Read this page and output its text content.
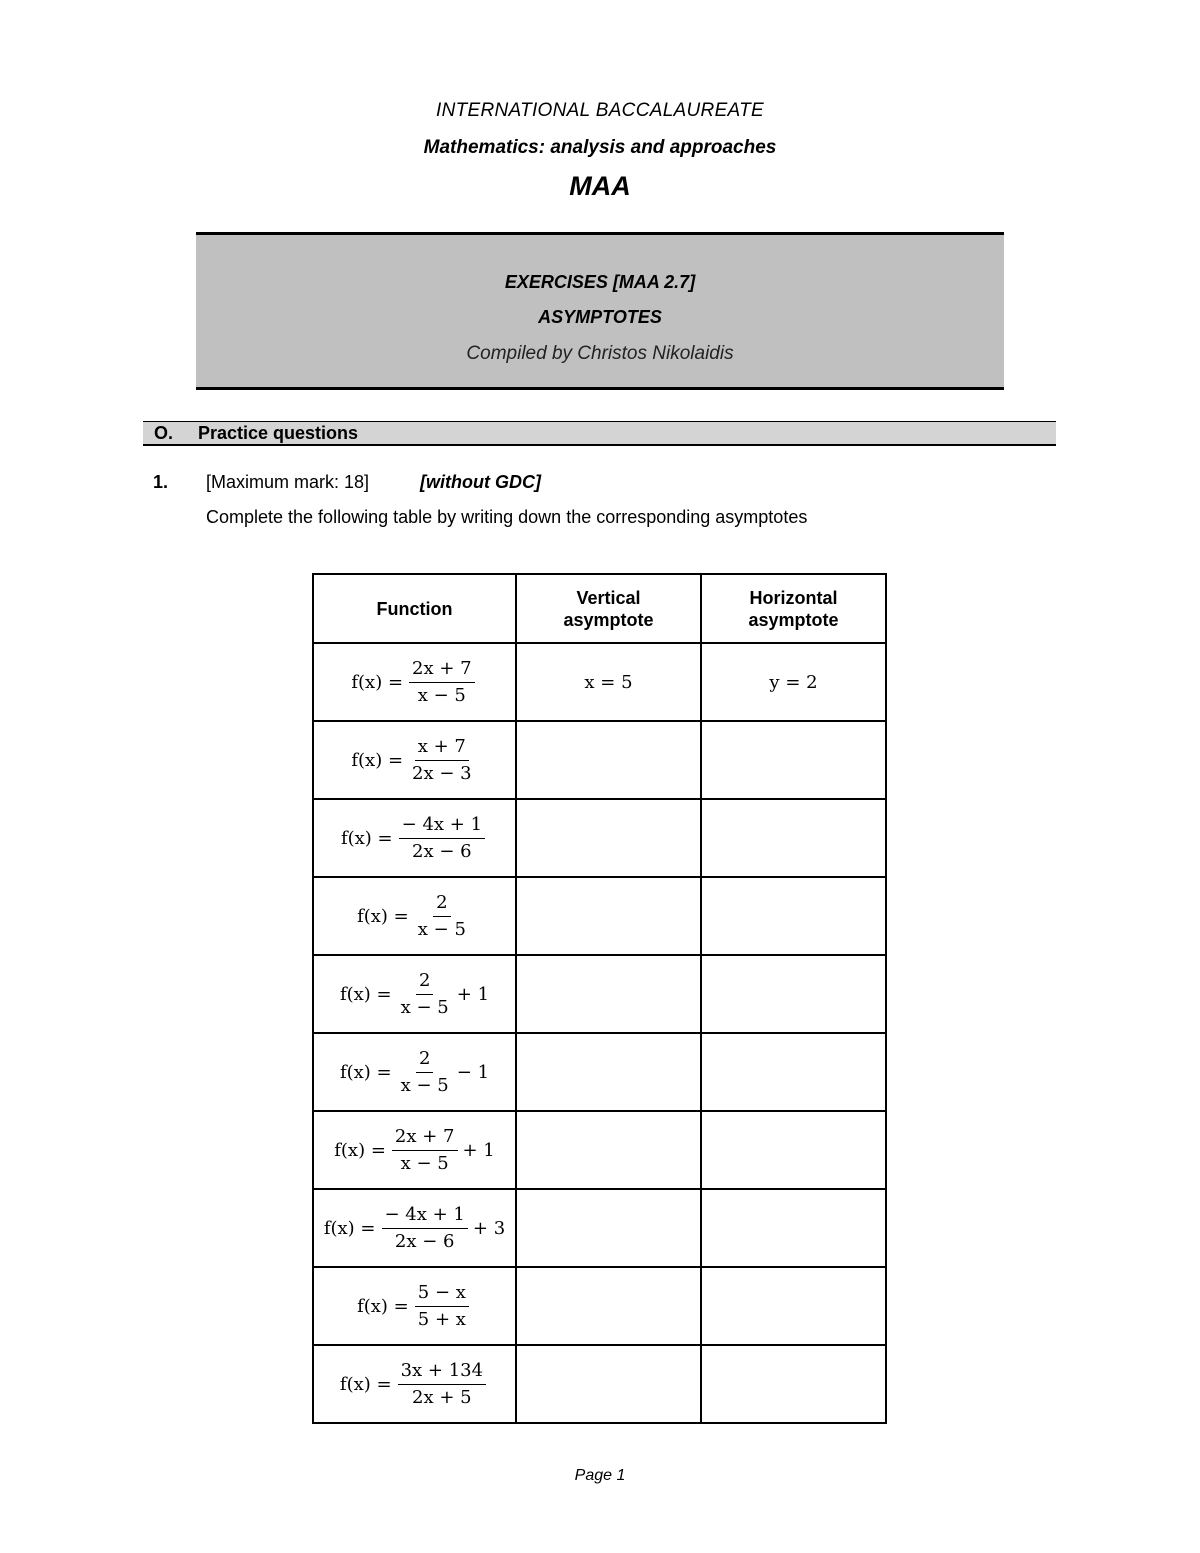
INTERNATIONAL BACCALAUREATE
Mathematics: analysis and approaches
MAA
EXERCISES [MAA 2.7]
ASYMPTOTES
Compiled by Christos Nikolaidis
O. Practice questions
1. [Maximum mark: 18]	[without GDC]
Complete the following table by writing down the corresponding asymptotes
Function	Vertical asymptote	Horizontal asymptote

$f(x) = \frac{2x + 7}{x - 5}$	x = 5	y = 2

$f(x) = \frac{x + 7}{2x - 3}$

$f(x) = \frac{- 4x + 1}{2x - 6}$

$f(x) = \frac{2}{x - 5}$

$f(x) = \frac{2}{x - 5} + 1$		

$f(x) = \frac{2}{x - 5} - 1$		

$f(x) = \frac{2x + 7}{x - 5} + 1$		

$f(x) = \frac{- 4x + 1}{2x - 6} + 3$		

$f(x) = \frac{5 - x}{5 + x}$

$f(x) = \frac{3x + 134}{2x + 5}$

Page 1
